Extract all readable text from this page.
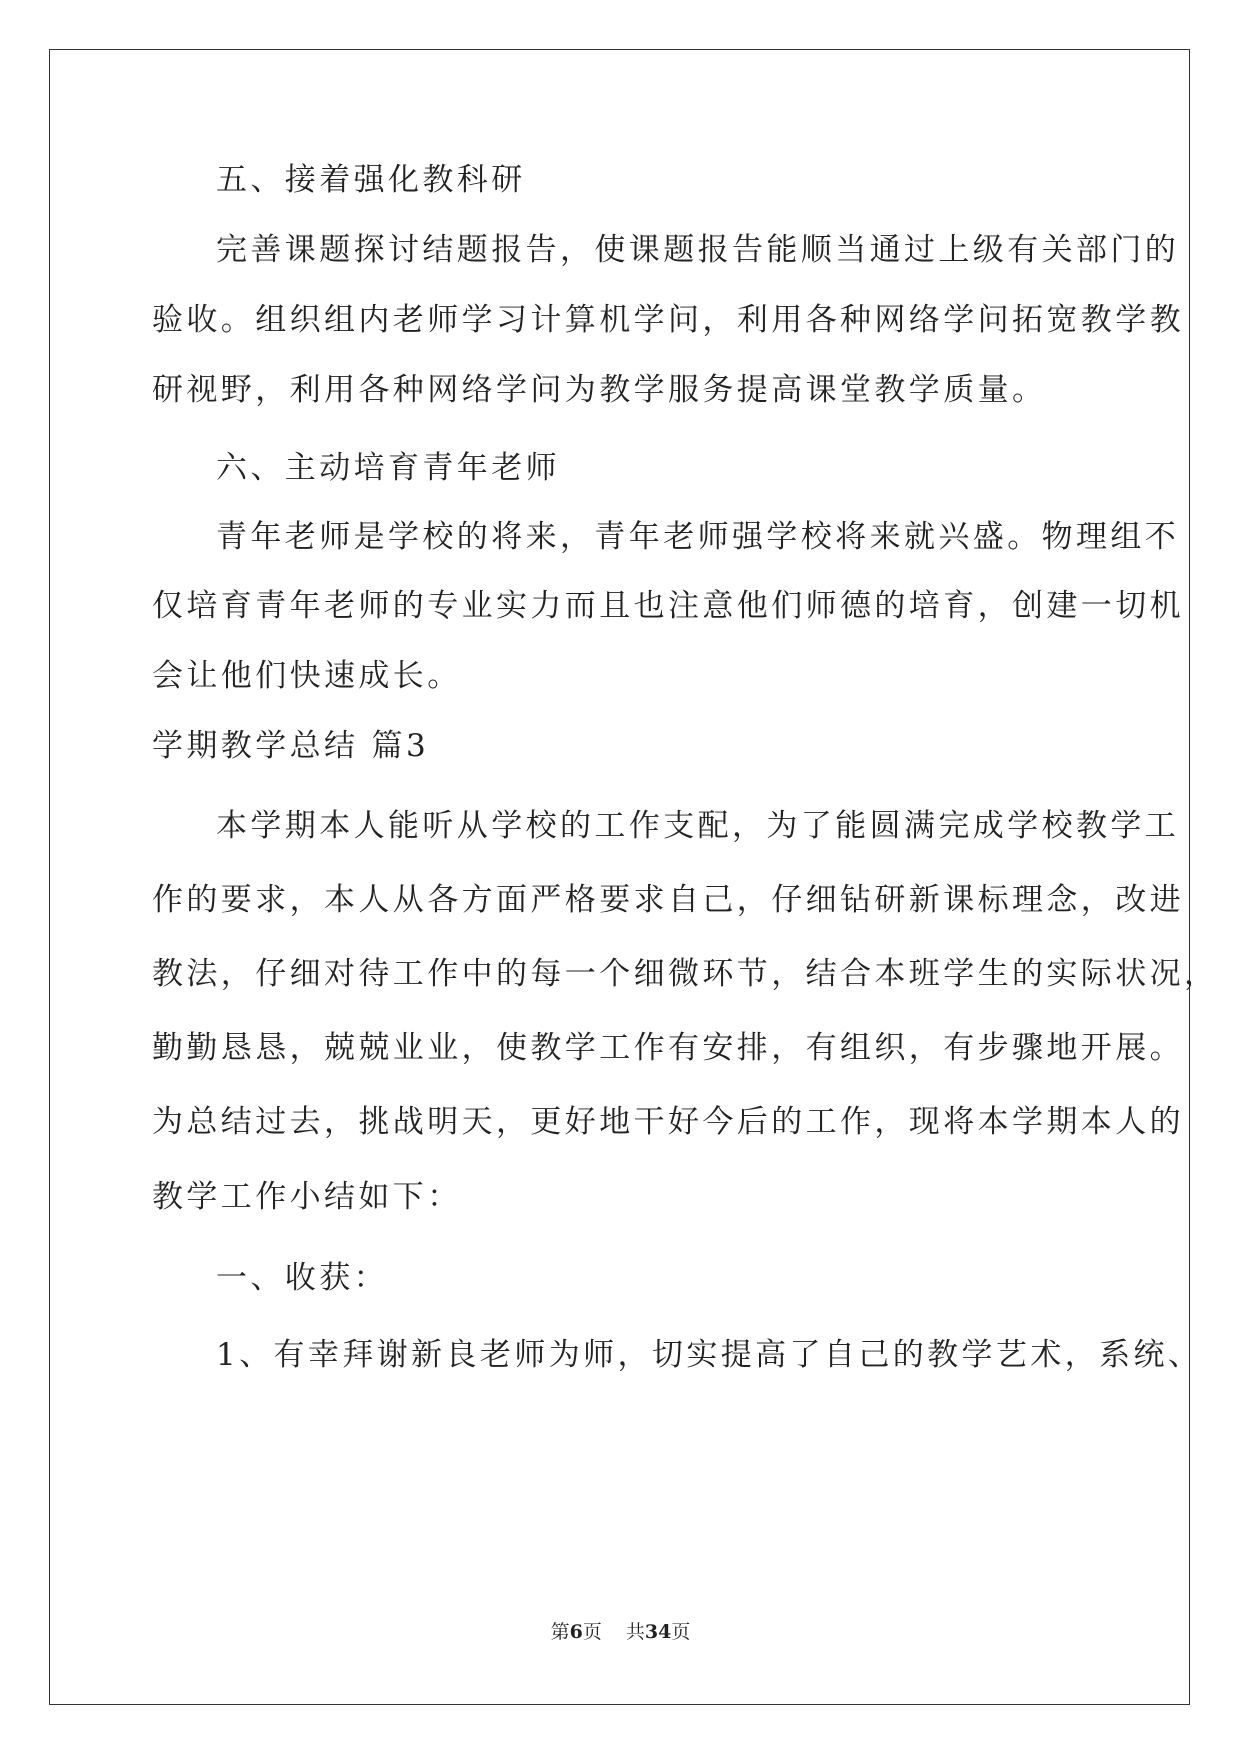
五、接着强化教科研
完善课题探讨结题报告，使课题报告能顺当通过上级有关部门的
验收。组织组内老师学习计算机学问，利用各种网络学问拓宽教学教
研视野，利用各种网络学问为教学服务提高课堂教学质量。
六、主动培育青年老师
青年老师是学校的将来，青年老师强学校将来就兴盛。物理组不
仅培育青年老师的专业实力而且也注意他们师德的培育，创建一切机
会让他们快速成长。
学期教学总结 篇3
本学期本人能听从学校的工作支配，为了能圆满完成学校教学工
作的要求，本人从各方面严格要求自己，仔细钻研新课标理念，改进
教法，仔细对待工作中的每一个细微环节，结合本班学生的实际状况，
勤勤恳恳，兢兢业业，使教学工作有安排，有组织，有步骤地开展。
为总结过去，挑战明天，更好地干好今后的工作，现将本学期本人的
教学工作小结如下：
一、收获：
1、有幸拜谢新良老师为师，切实提高了自己的教学艺术，系统、
第6页 共34页
